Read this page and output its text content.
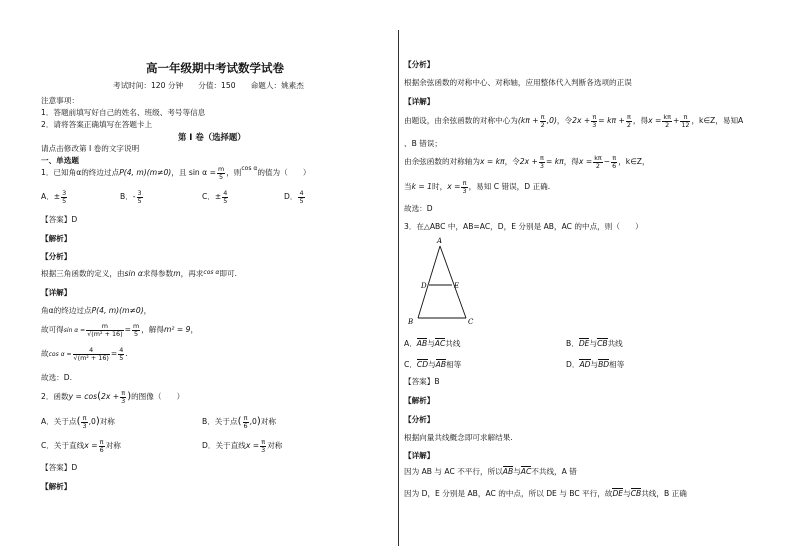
高一年级期中考试数学试卷
考试时间：120 分钟　　分值：150　　命题人：姚素杰
注意事项：
1．答题前填写好自己的姓名、班级、考号等信息
2．请将答案正确填写在答题卡上
第 I 卷（选择题）
请点击修改第 I 卷的文字说明
一、单选题
1．已知角α的终边过点P(4, m)(m≠0)，且 $\sin \alpha = \frac{m}{5}$ ，则$^{cos \alpha}$的值为（　　）
A．± $\frac{3}{5}$	B．- $\frac{3}{5}$	C．± $\frac{4}{5}$	D． $\frac{4}{5}$
【答案】D
【解析】
【分析】
根据三角函数的定义，由sin α求得参数m，再求$^{cos \alpha}$即可.
【详解】
角α的终边过点P(4, m)(m≠0)，
故可得$\sin \alpha = \frac{m}{\text{√(m² + 16)}} = \frac{m}{5}$ ，解得m² = 9，
故$\cos \alpha = \frac{4}{\text{√(m² + 16)}} = \frac{4}{5}$ .
故选：D.
2．函数$y = \cos(2x + \frac{\pi}{3}$ )的图像（　　）
A．关于点( $\frac{\pi}{3} ,0$)对称	B．关于点( $\frac{\pi}{6} ,0$)对称
C．关于直线$x = \frac{\pi}{6}$ 对称	D．关于直线$x = \frac{\pi}{3}$ 对称
【答案】D
【解析】
【分析】
根据余弦函数的对称中心、对称轴，应用整体代入判断各选项的正误
【详解】
由题设，由余弦函数的对称中心为$(k\pi + \frac{\pi}{2} ,0)$，令$2x + \frac{\pi}{3} = k\pi + \frac{\pi}{2}$ ，得$x = \frac{k\pi}{2} + \frac{\pi}{12}$ ，k∈Z，易知A
、B 错误；
由余弦函数的对称轴为x = kπ，令$2x + \frac{\pi}{3} = k\pi$，得$x = \frac{k\pi}{2} - \frac{\pi}{6}$ ，k∈Z，
当k = 1时，$x = \frac{\pi}{3}$ ，易知 C 错误，D 正确.
故选：D
3．在△ABC 中，AB=AC，D，E 分别是 AB，AC 的中点，则（　　）
A
D	E
B	C
A．AB与AC共线	B．DE与CB共线
C．CD与AB相等	D．AD与BD相等
【答案】B
【解析】
【分析】
根据向量共线概念即可求解结果.
【详解】
因为 AB 与 AC 不平行，所以AB与AC不共线，A 错
因为 D，E 分别是 AB，AC 的中点，所以 DE 与 BC 平行，故DE与CB共线，B 正确
